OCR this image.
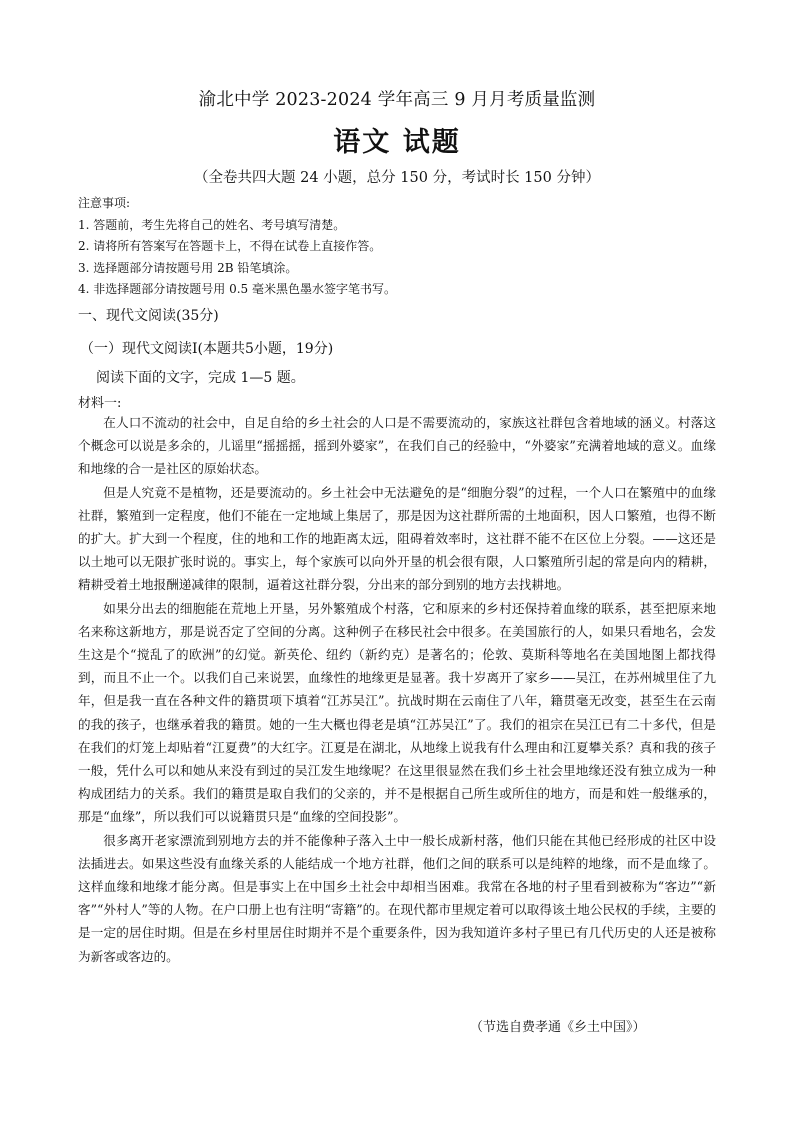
渝北中学 2023-2024 学年高三 9 月月考质量监测
语文 试题
（全卷共四大题 24 小题，总分 150 分，考试时长 150 分钟）
注意事项:
1. 答题前，考生先将自己的姓名、考号填写清楚。
2. 请将所有答案写在答题卡上，不得在试卷上直接作答。
3. 选择题部分请按题号用 2B 铅笔填涂。
4. 非选择题部分请按题号用 0.5 毫米黑色墨水签字笔书写。
一、现代文阅读(35分)
（一）现代文阅读Ⅰ(本题共5小题，19分)
阅读下面的文字，完成 1—5 题。
材料一:

在人口不流动的社会中，自足自给的乡土社会的人口是不需要流动的，家族这社群包含着地域的涵义。村落这个概念可以说是多余的，儿谣里“摇摇摇，摇到外婆家”，在我们自己的经验中，“外婆家”充满着地域的意义。血缘和地缘的合一是社区的原始状态。

但是人究竟不是植物，还是要流动的。乡土社会中无法避免的是“细胞分裂”的过程，一个人口在繁殖中的血缘社群，繁殖到一定程度，他们不能在一定地域上集居了，那是因为这社群所需的土地面积，因人口繁殖，也得不断的扩大。扩大到一个程度，住的地和工作的地距离太远，阻碍着效率时，这社群不能不在区位上分裂。——这还是以土地可以无限扩张时说的。事实上，每个家族可以向外开垦的机会很有限，人口繁殖所引起的常是向内的精耕，精耕受着土地报酬递减律的限制，逼着这社群分裂，分出来的部分到别的地方去找耕地。

如果分出去的细胞能在荒地上开垦，另外繁殖成个村落，它和原来的乡村还保持着血缘的联系，甚至把原来地名来称这新地方，那是说否定了空间的分离。这种例子在移民社会中很多。在美国旅行的人，如果只看地名，会发生这是个“搅乱了的欧洲”的幻觉。新英伦、纽约（新约克）是著名的；伦敦、莫斯科等地名在美国地图上都找得到，而且不止一个。以我们自己来说罢，血缘性的地缘更是显著。我十岁离开了家乡——吴江，在苏州城里住了九年，但是我一直在各种文件的籍贯项下填着“江苏吴江”。抗战时期在云南住了八年，籍贯毫无改变，甚至生在云南的我的孩子，也继承着我的籍贯。她的一生大概也得老是填“江苏吴江”了。我们的祖宗在吴江已有二十多代，但是在我们的灯笼上却贴着“江夏费”的大红字。江夏是在湖北，从地缘上说我有什么理由和江夏攀关系？真和我的孩子一般，凭什么可以和她从来没有到过的吴江发生地缘呢？在这里很显然在我们乡土社会里地缘还没有独立成为一种构成团结力的关系。我们的籍贯是取自我们的父亲的，并不是根据自己所生或所住的地方，而是和姓一般继承的，那是“血缘”，所以我们可以说籍贯只是“血缘的空间投影”。

很多离开老家漂流到别地方去的并不能像种子落入土中一般长成新村落，他们只能在其他已经形成的社区中设法插进去。如果这些没有血缘关系的人能结成一个地方社群，他们之间的联系可以是纯粹的地缘，而不是血缘了。这样血缘和地缘才能分离。但是事实上在中国乡土社会中却相当困难。我常在各地的村子里看到被称为“客边”“新客”“外村人”等的人物。在户口册上也有注明“寄籍”的。在现代都市里规定着可以取得该土地公民权的手续，主要的是一定的居住时期。但是在乡村里居住时期并不是个重要条件，因为我知道许多村子里已有几代历史的人还是被称为新客或客边的。

（节选自费孝通《乡土中国》）
